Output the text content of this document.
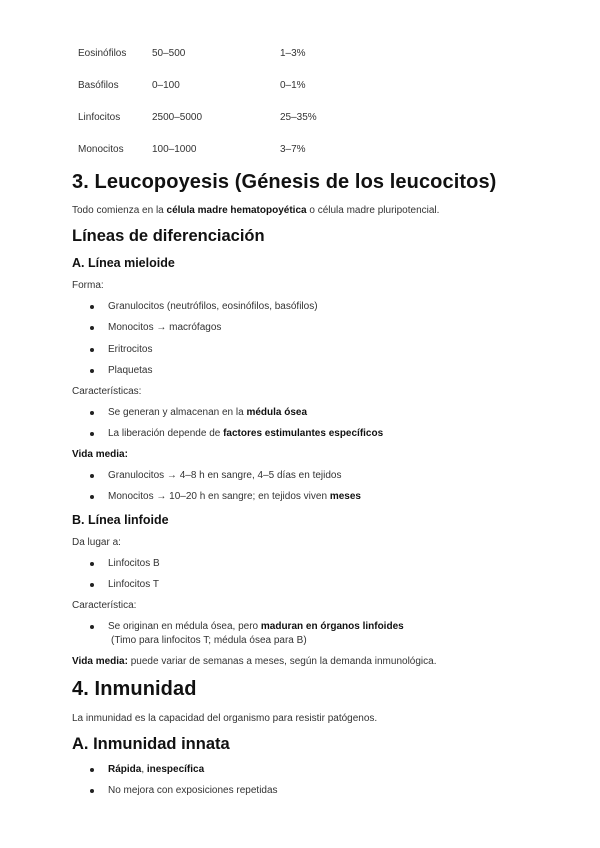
Eosinófilos	50–500	1–3%
Basófilos	0–100	0–1%
Linfocitos	2500–5000	25–35%
Monocitos	100–1000	3–7%
3. Leucopoyesis (Génesis de los leucocitos)
Todo comienza en la célula madre hematopoyética o célula madre pluripotencial.
Líneas de diferenciación
A. Línea mieloide
Forma:
Granulocitos (neutrófilos, eosinófilos, basófilos)
Monocitos → macrófagos
Eritrocitos
Plaquetas
Características:
Se generan y almacenan en la médula ósea
La liberación depende de factores estimulantes específicos
Vida media:
Granulocitos → 4–8 h en sangre, 4–5 días en tejidos
Monocitos → 10–20 h en sangre; en tejidos viven meses
B. Línea linfoide
Da lugar a:
Linfocitos B
Linfocitos T
Característica:
Se originan en médula ósea, pero maduran en órganos linfoides
(Timo para linfocitos T; médula ósea para B)
Vida media: puede variar de semanas a meses, según la demanda inmunológica.
4. Inmunidad
La inmunidad es la capacidad del organismo para resistir patógenos.
A. Inmunidad innata
Rápida, inespecífica
No mejora con exposiciones repetidas
